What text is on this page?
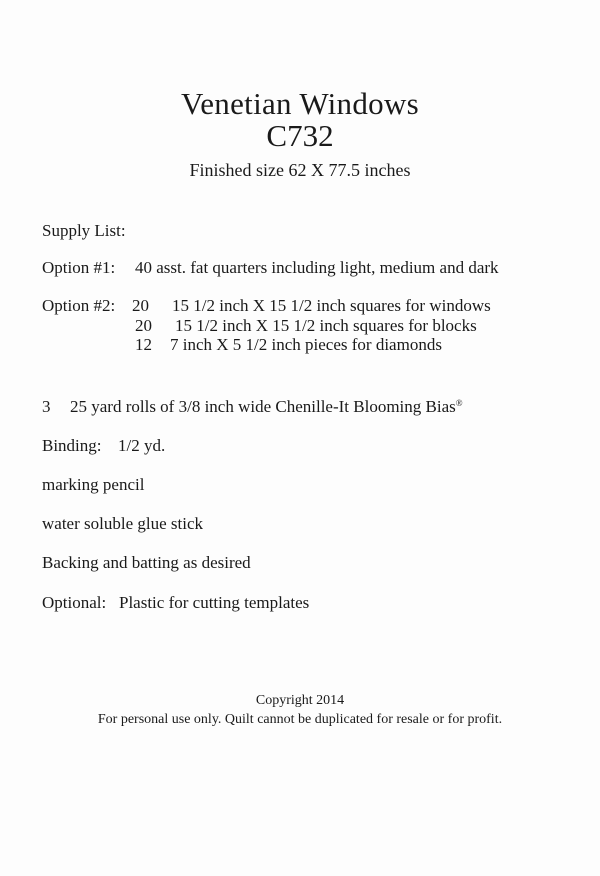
Venetian Windows
C732
Finished size 62 X 77.5 inches
Supply List:
Option #1: 40 asst. fat quarters including light, medium and dark
Option #2: 20 15 1/2 inch X 15 1/2 inch squares for windows
20 15 1/2 inch X 15 1/2 inch squares for blocks
12 7 inch X 5 1/2 inch pieces for diamonds
3 25 yard rolls of 3/8 inch wide Chenille-It Blooming Bias®
Binding: 1/2 yd.
marking pencil
water soluble glue stick
Backing and batting as desired
Optional: Plastic for cutting templates
Copyright 2014
For personal use only. Quilt cannot be duplicated for resale or for profit.
